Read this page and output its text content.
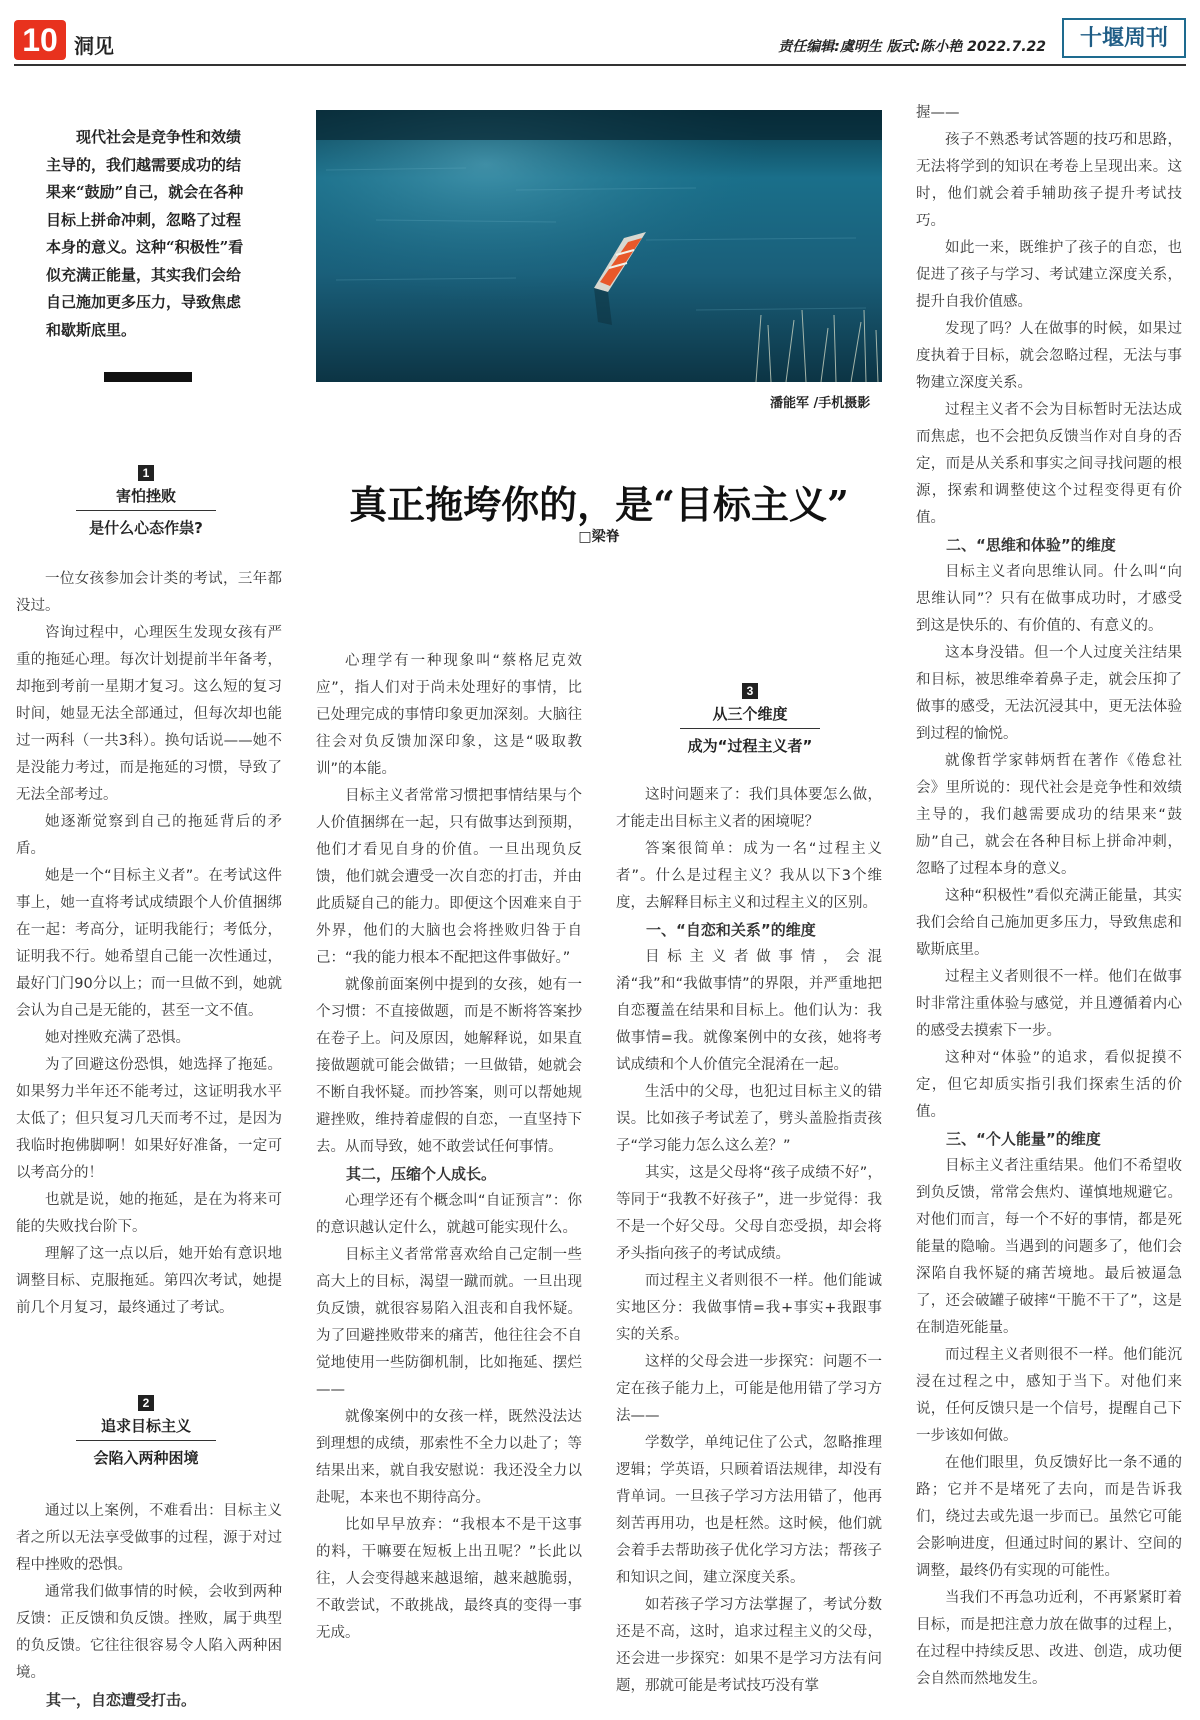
10 洞见	责任编辑:虞明生 版式:陈小艳 2022.7.22	十堰周刊
现代社会是竞争性和效绩主导的，我们越需要成功的结果来“鼓励”自己，就会在各种目标上拼命冲刺，忽略了过程本身的意义。这种“积极性”看似充满正能量，其实我们会给自己施加更多压力，导致焦虑和歇斯底里。
潘能军 /手机摄影
真正拖垮你的，是“目标主义”
□梁脊
1
害怕挫败
是什么心态作祟?

一位女孩参加会计类的考试，三年都没过。

咨询过程中，心理医生发现女孩有严重的拖延心理。每次计划提前半年备考，却拖到考前一星期才复习。这么短的复习时间，她显无法全部通过，但每次却也能过一两科（一共3科）。换句话说——她不是没能力考过，而是拖延的习惯，导致了无法全部考过。

她逐渐觉察到自己的拖延背后的矛盾。

她是一个“目标主义者”。在考试这件事上，她一直将考试成绩跟个人价值捆绑在一起：考高分，证明我能行；考低分，证明我不行。她希望自己能一次性通过，最好门门90分以上；而一旦做不到，她就会认为自己是无能的，甚至一文不值。

她对挫败充满了恐惧。

为了回避这份恐惧，她选择了拖延。如果努力半年还不能考过，这证明我水平太低了；但只复习几天而考不过，是因为我临时抱佛脚啊！如果好好准备，一定可以考高分的！

也就是说，她的拖延，是在为将来可能的失败找台阶下。

理解了这一点以后，她开始有意识地调整目标、克服拖延。第四次考试，她提前几个月复习，最终通过了考试。

2
追求目标主义
会陷入两种困境

通过以上案例，不难看出：目标主义者之所以无法享受做事的过程，源于对过程中挫败的恐惧。

通常我们做事情的时候，会收到两种反馈：正反馈和负反馈。挫败，属于典型的负反馈。它往往很容易令人陷入两种困境。

其一，自恋遭受打击。

心理学有一种现象叫“蔡格尼克效应”，指人们对于尚未处理好的事情，比已处理完成的事情印象更加深刻。大脑往往会对负反馈加深印象，这是“吸取教训”的本能。

目标主义者常常习惯把事情结果与个人价值捆绑在一起，只有做事达到预期，他们才看见自身的价值。一旦出现负反馈，他们就会遭受一次自恋的打击，并由此质疑自己的能力。即便这个因难来自于外界，他们的大脑也会将挫败归咎于自己：“我的能力根本不配把这件事做好。”

就像前面案例中提到的女孩，她有一个习惯：不直接做题，而是不断将答案抄在卷子上。问及原因，她解释说，如果直接做题就可能会做错；一旦做错，她就会不断自我怀疑。而抄答案，则可以帮她规避挫败，维持着虚假的自恋，一直坚持下去。从而导致，她不敢尝试任何事情。

其二，压缩个人成长。

心理学还有个概念叫“自证预言”：你的意识越认定什么，就越可能实现什么。

目标主义者常常喜欢给自己定制一些高大上的目标，渴望一蹴而就。一旦出现负反馈，就很容易陷入沮丧和自我怀疑。为了回避挫败带来的痛苦，他往往会不自觉地使用一些防御机制，比如拖延、摆烂——

就像案例中的女孩一样，既然没法达到理想的成绩，那索性不全力以赴了；等结果出来，就自我安慰说：我还没全力以赴呢，本来也不期待高分。

比如早早放弃：“我根本不是干这事的料，干嘛要在短板上出丑呢？”长此以往，人会变得越来越退缩，越来越脆弱，不敢尝试，不敢挑战，最终真的变得一事无成。

3
从三个维度
成为“过程主义者”

这时问题来了：我们具体要怎么做，才能走出目标主义者的困境呢？

答案很简单：成为一名“过程主义者”。什么是过程主义？我从以下3个维度，去解释目标主义和过程主义的区别。

一、“自恋和关系”的维度

目标主义者做事情，会混淆“我”和“我做事情”的界限，并严重地把自恋覆盖在结果和目标上。他们认为：我做事情=我。就像案例中的女孩，她将考试成绩和个人价值完全混淆在一起。

生活中的父母，也犯过目标主义的错误。比如孩子考试差了，劈头盖脸指责孩子“学习能力怎么这么差？”

其实，这是父母将“孩子成绩不好”，等同于“我教不好孩子”，进一步觉得：我不是一个好父母。父母自恋受损，却会将矛头指向孩子的考试成绩。

而过程主义者则很不一样。他们能诚实地区分：我做事情=我+事实+我跟事实的关系。

这样的父母会进一步探究：问题不一定在孩子能力上，可能是他用错了学习方法——

学数学，单纯记住了公式，忽略推理逻辑；学英语，只顾着语法规律，却没有背单词。一旦孩子学习方法用错了，他再刻苦再用功，也是枉然。这时候，他们就会着手去帮助孩子优化学习方法；帮孩子和知识之间，建立深度关系。

如若孩子学习方法掌握了，考试分数还是不高，这时，追求过程主义的父母，还会进一步探究：如果不是学习方法有问题，那就可能是考试技巧没有掌

握——

孩子不熟悉考试答题的技巧和思路，无法将学到的知识在考卷上呈现出来。这时，他们就会着手辅助孩子提升考试技巧。

如此一来，既维护了孩子的自恋，也促进了孩子与学习、考试建立深度关系，提升自我价值感。

发现了吗？人在做事的时候，如果过度执着于目标，就会忽略过程，无法与事物建立深度关系。

过程主义者不会为目标暂时无法达成而焦虑，也不会把负反馈当作对自身的否定，而是从关系和事实之间寻找问题的根源，探索和调整使这个过程变得更有价值。

二、“思维和体验”的维度

目标主义者向思维认同。什么叫“向思维认同”？只有在做事成功时，才感受到这是快乐的、有价值的、有意义的。

这本身没错。但一个人过度关注结果和目标，被思维牵着鼻子走，就会压抑了做事的感受，无法沉浸其中，更无法体验到过程的愉悦。

就像哲学家韩炳哲在著作《倦怠社会》里所说的：现代社会是竞争性和效绩主导的，我们越需要成功的结果来“鼓励”自己，就会在各种目标上拼命冲刺，忽略了过程本身的意义。

这种“积极性”看似充满正能量，其实我们会给自己施加更多压力，导致焦虑和歇斯底里。

过程主义者则很不一样。他们在做事时非常注重体验与感觉，并且遵循着内心的感受去摸索下一步。

这种对“体验”的追求，看似捉摸不定，但它却质实指引我们探索生活的价值。

三、“个人能量”的维度

目标主义者注重结果。他们不希望收到负反馈，常常会焦灼、谨慎地规避它。对他们而言，每一个不好的事情，都是死能量的隐喻。当遇到的问题多了，他们会深陷自我怀疑的痛苦境地。最后被逼急了，还会破罐子破摔“干脆不干了”，这是在制造死能量。

而过程主义者则很不一样。他们能沉浸在过程之中，感知于当下。对他们来说，任何反馈只是一个信号，提醒自己下一步该如何做。

在他们眼里，负反馈好比一条不通的路；它并不是堵死了去向，而是告诉我们，绕过去或先退一步而已。虽然它可能会影响进度，但通过时间的累计、空间的调整，最终仍有实现的可能性。

当我们不再急功近利，不再紧紧盯着目标，而是把注意力放在做事的过程上，在过程中持续反思、改进、创造，成功便会自然而然地发生。
